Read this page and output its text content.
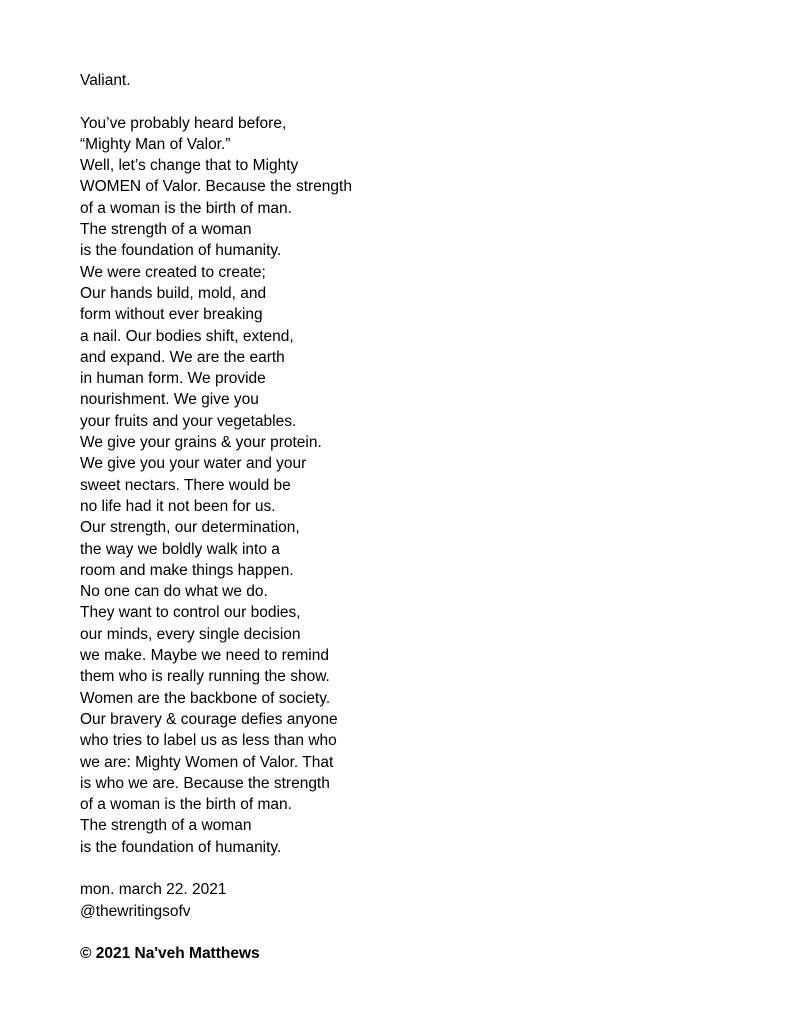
Valiant.
You’ve probably heard before,
“Mighty Man of Valor.”
Well, let’s change that to Mighty
WOMEN of Valor. Because the strength
of a woman is the birth of man.
The strength of a woman
is the foundation of humanity.
We were created to create;
Our hands build, mold, and
form without ever breaking
a nail. Our bodies shift, extend,
and expand. We are the earth
in human form. We provide
nourishment. We give you
your fruits and your vegetables.
We give your grains & your protein.
We give you your water and your
sweet nectars. There would be
no life had it not been for us.
Our strength, our determination,
the way we boldly walk into a
room and make things happen.
No one can do what we do.
They want to control our bodies,
our minds, every single decision
we make. Maybe we need to remind
them who is really running the show.
Women are the backbone of society.
Our bravery & courage defies anyone
who tries to label us as less than who
we are: Mighty Women of Valor. That
is who we are. Because the strength
of a woman is the birth of man.
The strength of a woman
is the foundation of humanity.
mon. march 22. 2021
@thewritingsofv
© 2021 Na'veh Matthews
